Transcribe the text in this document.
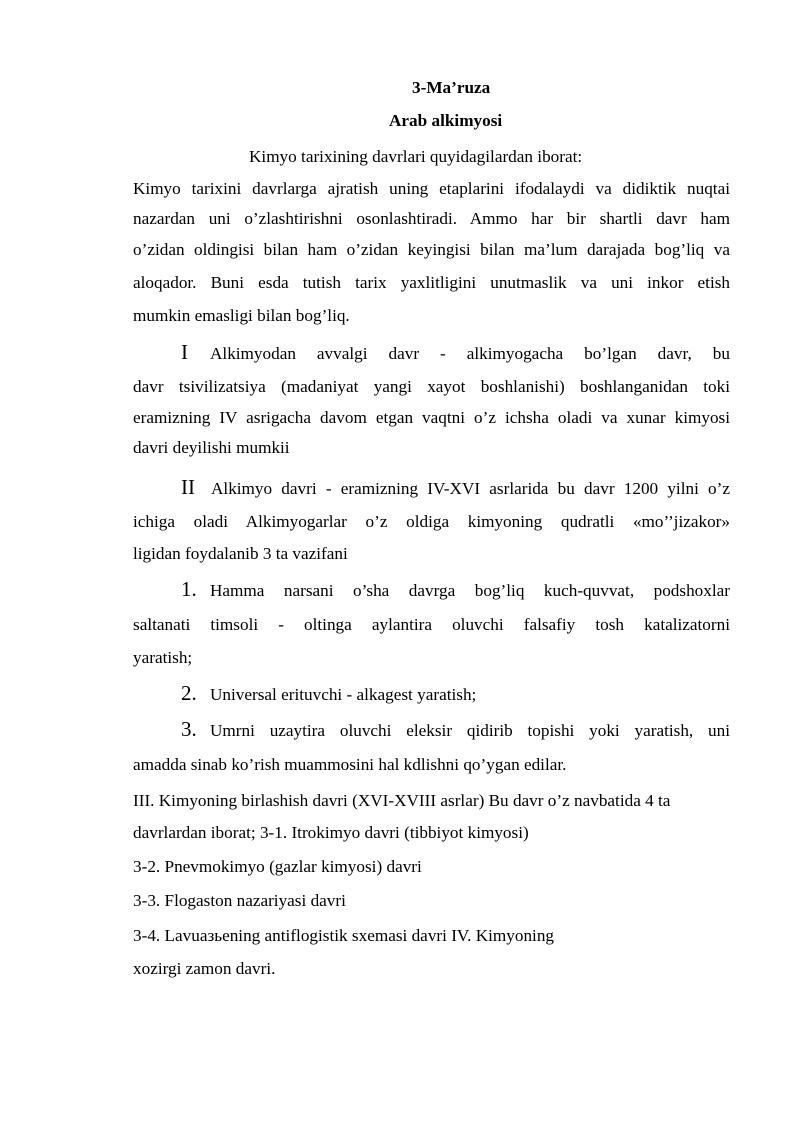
3-Ma’ruza
Arab alkimyosi
Kimyo tarixining davrlari quyidagilardan iborat:
Kimyo tarixini davrlarga ajratish uning etaplarini ifodalaydi va didiktik nuqtai
nazardan uni o’zlashtirishni osonlashtiradi. Ammo har bir shartli davr ham
o’zidan oldingisi bilan ham o’zidan keyingisi bilan ma’lum darajada bog’liq va
aloqador. Buni esda tutish tarix yaxlitligini unutmaslik va uni inkor etish
mumkin emasligi bilan bog’liq.
I Alkimyodan avvalgi davr - alkimyogacha bo’lgan davr, bu
davr tsivilizatsiya (madaniyat yangi xayot boshlanishi) boshlanganidan toki
eramizning IV asrigacha davom etgan vaqtni o’z ichsha oladi va xunar kimyosi
davri deyilishi mumkii
II Alkimyo davri - eramizning IV-XVI asrlarida bu davr 1200 yilni o’z
ichiga oladi Alkimyogarlar o’z oldiga kimyoning qudratli «mo’’jizakor»
ligidan foydalanib 3 ta vazifani
1. Hamma narsani o’sha davrga bog’liq kuch-quvvat, podshoxlar
saltanati timsoli - oltinga aylantira oluvchi falsafiy tosh katalizatorni
yaratish;
2. Universal erituvchi - alkagest yaratish;
3. Umrni uzaytira oluvchi eleksir qidirib topishi yoki yaratish, uni
amadda sinab ko’rish muammosini hal kdlishni qo’ygan edilar.
III. Kimyoning birlashish davri (XVI-XVIII asrlar) Bu davr o’z navbatida 4 ta
davrlardan iborat; 3-1. Itrokimyo davri (tibbiyot kimyosi)
3-2. Pnevmokimyo (gazlar kimyosi) davri
3-3. Flogaston nazariyasi davri
3-4. Lavuaзьening antiflogistik sxemasi davri IV. Kimyoning
xozirgi zamon davri.
